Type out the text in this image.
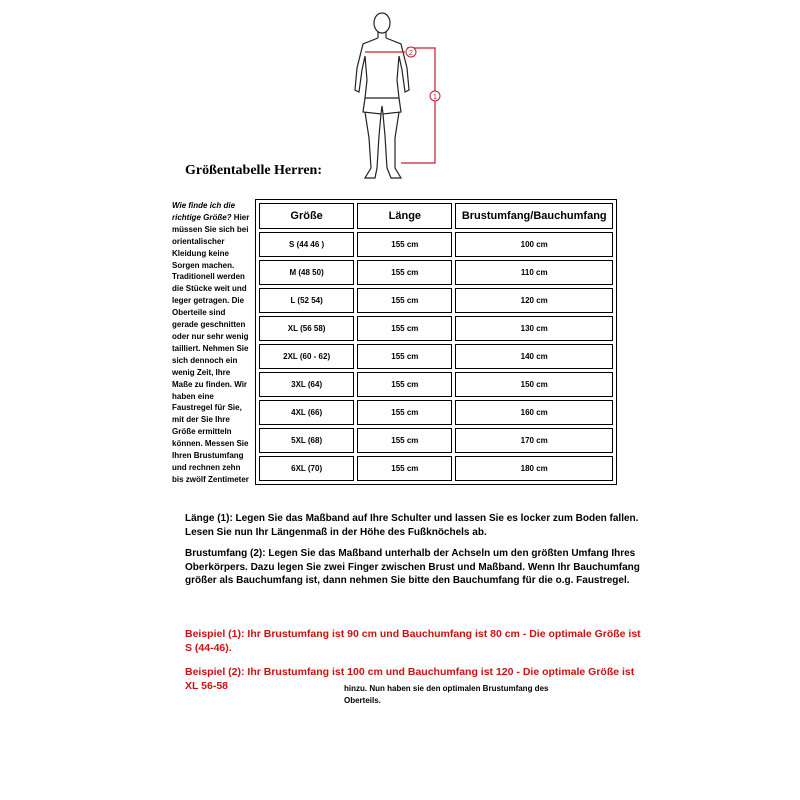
2
1
Größentabelle Herren:
Wie finde ich die richtige Größe? Hier müssen Sie sich bei orientalischer Kleidung keine Sorgen machen. Traditionell werden die Stücke weit und leger getragen. Die Oberteile sind gerade geschnitten oder nur sehr wenig tailliert. Nehmen Sie sich dennoch ein wenig Zeit, Ihre Maße zu finden. Wir haben eine Faustregel für Sie, mit der Sie Ihre Größe ermitteln können. Messen Sie Ihren Brustumfang und rechnen zehn bis zwölf Zentimeter
hinzu. Nun haben sie den optimalen Brustumfang des Oberteils.
Größe	Länge	Brustumfang/Bauchumfang
S (44 46 )	155 cm	100 cm
M (48 50)	155 cm	110 cm
L (52 54)	155 cm	120 cm
XL (56 58)	155 cm	130 cm
2XL (60 - 62)	155 cm	140 cm
3XL (64)	155 cm	150 cm
4XL (66)	155 cm	160 cm
5XL (68)	155 cm	170 cm
6XL (70)	155 cm	180 cm
Länge (1): Legen Sie das Maßband auf Ihre Schulter und lassen Sie es locker zum Boden fallen. Lesen Sie nun Ihr Längenmaß in der Höhe des Fußknöchels ab.
Brustumfang (2): Legen Sie das Maßband unterhalb der Achseln um den größten Umfang Ihres Oberkörpers. Dazu legen Sie zwei Finger zwischen Brust und Maßband. Wenn Ihr Bauchumfang größer als Bauchumfang ist, dann nehmen Sie bitte den Bauchumfang für die o.g. Faustregel.
Beispiel (1): Ihr Brustumfang ist 90 cm und Bauchumfang ist 80 cm - Die optimale Größe ist S (44-46).
Beispiel (2): Ihr Brustumfang ist 100 cm und Bauchumfang ist 120 - Die optimale Größe ist XL 56-58
